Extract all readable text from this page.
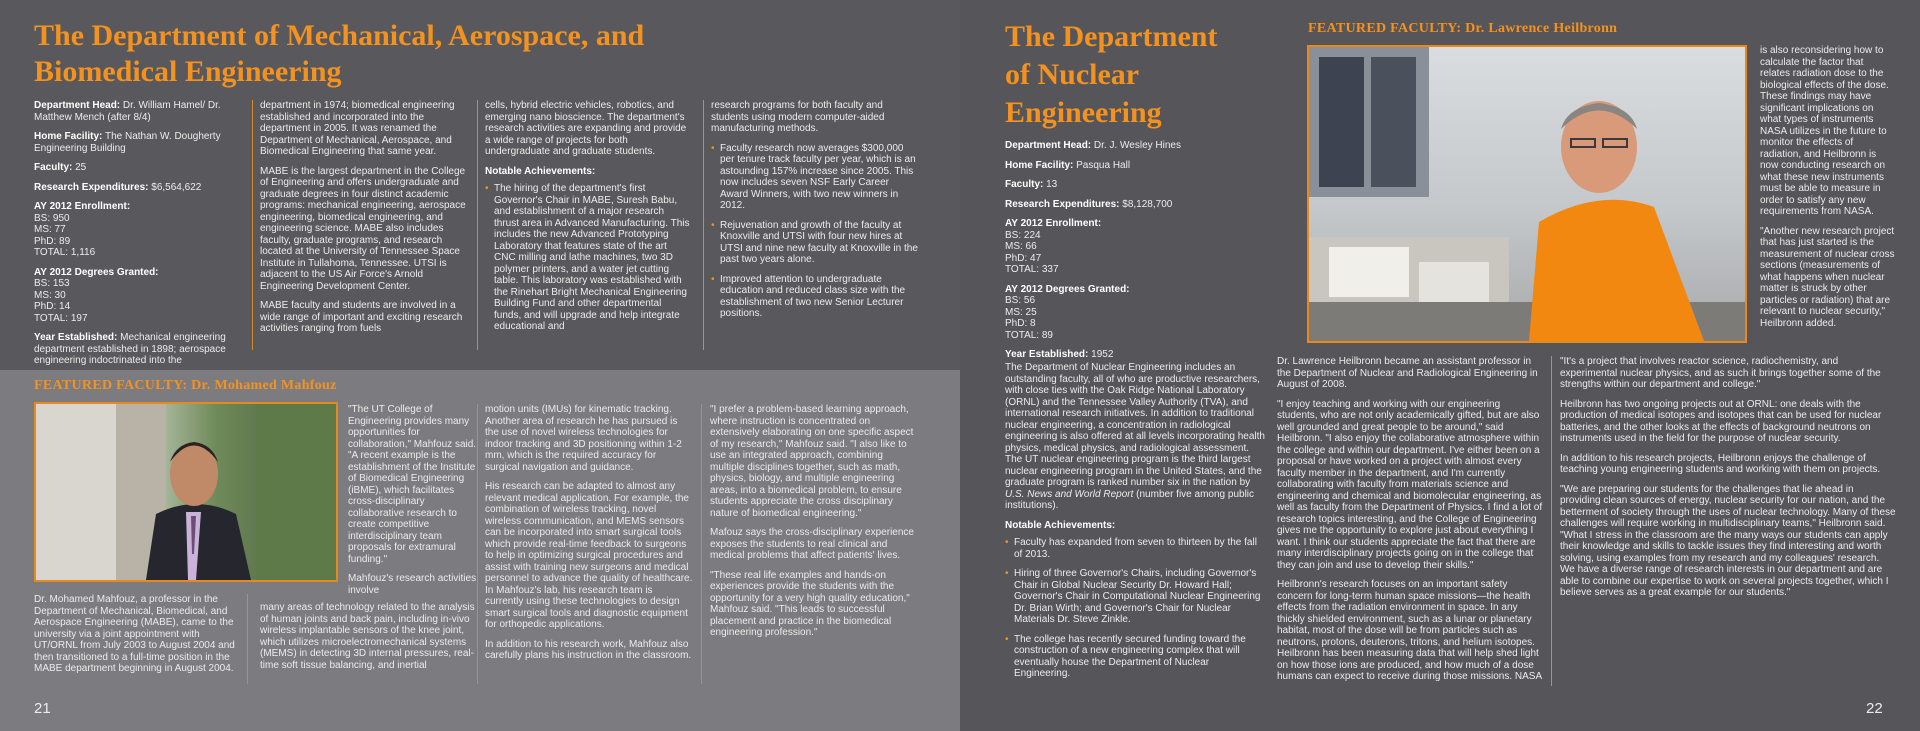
The Department of Mechanical, Aerospace, and
Biomedical Engineering

Department Head: Dr. William Hamel/ Dr. Matthew Mench (after 8/4)

Home Facility: The Nathan W. Dougherty Engineering Building

Faculty: 25

Research Expenditures: $6,564,622

AY 2012 Enrollment:
BS: 950
MS: 77
PhD: 89
TOTAL: 1,116

AY 2012 Degrees Granted:
BS: 153
MS: 30
PhD: 14
TOTAL: 197

Year Established: Mechanical engineering department established in 1898; aerospace engineering indoctrinated into the

department in 1974; biomedical engineering established and incorporated into the department in 2005. It was renamed the Department of Mechanical, Aerospace, and Biomedical Engineering that same year.

MABE is the largest department in the College of Engineering and offers undergraduate and graduate degrees in four distinct academic programs: mechanical engineering, aerospace engineering, biomedical engineering, and engineering science. MABE also includes faculty, graduate programs, and research located at the University of Tennessee Space Institute in Tullahoma, Tennessee. UTSI is adjacent to the US Air Force's Arnold Engineering Development Center.

MABE faculty and students are involved in a wide range of important and exciting research activities ranging from fuels

cells, hybrid electric vehicles, robotics, and emerging nano bioscience. The department's research activities are expanding and provide a wide range of projects for both undergraduate and graduate students.

Notable Achievements:
• The hiring of the department's first Governor's Chair in MABE, Suresh Babu, and establishment of a major research thrust area in Advanced Manufacturing. This includes the new Advanced Prototyping Laboratory that features state of the art CNC milling and lathe machines, two 3D polymer printers, and a water jet cutting table. This laboratory was established with the Rinehart Bright Mechanical Engineering Building Fund and other departmental funds, and will upgrade and help integrate educational and

research programs for both faculty and students using modern computer-aided manufacturing methods.

• Faculty research now averages $300,000 per tenure track faculty per year, which is an astounding 157% increase since 2005. This now includes seven NSF Early Career Award Winners, with two new winners in 2012.
• Rejuvenation and growth of the faculty at Knoxville and UTSI with four new hires at UTSI and nine new faculty at Knoxville in the past two years alone.
• Improved attention to undergraduate education and reduced class size with the establishment of two new Senior Lecturer positions.
FEATURED FACULTY: Dr. Mohamed Mahfouz

Dr. Mohamed Mahfouz, a professor in the Department of Mechanical, Biomedical, and Aerospace Engineering (MABE), came to the university via a joint appointment with UT/ORNL from July 2003 to August 2004 and then transitioned to a full-time position in the MABE department beginning in August 2004.

"The UT College of Engineering provides many opportunities for collaboration," Mahfouz said. "A recent example is the establishment of the Institute of Biomedical Engineering (iBME), which facilitates cross-disciplinary collaborative research to create competitive interdisciplinary team proposals for extramural funding."

Mahfouz's research activities involve

many areas of technology related to the analysis of human joints and back pain, including in-vivo wireless implantable sensors of the knee joint, which utilizes microelectromechanical systems (MEMS) in detecting 3D internal pressures, real-time soft tissue balancing, and inertial

motion units (IMUs) for kinematic tracking. Another area of research he has pursued is the use of novel wireless technologies for indoor tracking and 3D positioning within 1-2 mm, which is the required accuracy for surgical navigation and guidance.

His research can be adapted to almost any relevant medical application. For example, the combination of wireless tracking, novel wireless communication, and MEMS sensors can be incorporated into smart surgical tools which provide real-time feedback to surgeons to help in optimizing surgical procedures and assist with training new surgeons and medical personnel to advance the quality of healthcare. In Mahfouz's lab, his research team is currently using these technologies to design smart surgical tools and diagnostic equipment for orthopedic applications.

In addition to his research work, Mahfouz also carefully plans his instruction in the classroom.

"I prefer a problem-based learning approach, where instruction is concentrated on extensively elaborating on one specific aspect of my research," Mahfouz said. "I also like to use an integrated approach, combining multiple disciplines together, such as math, physics, biology, and multiple engineering areas, into a biomedical problem, to ensure students appreciate the cross disciplinary nature of biomedical engineering."

Mafouz says the cross-disciplinary experience exposes the students to real clinical and medical problems that affect patients' lives.

"These real life examples and hands-on experiences provide the students with the opportunity for a very high quality education," Mahfouz said. "This leads to successful placement and practice in the biomedical engineering profession."

21
The Department
of Nuclear
Engineering

Department Head: Dr. J. Wesley Hines

Home Facility: Pasqua Hall

Faculty: 13

Research Expenditures: $8,128,700

AY 2012 Enrollment:
BS: 224
MS: 66
PhD: 47
TOTAL: 337

AY 2012 Degrees Granted:
BS: 56
MS: 25
PhD: 8
TOTAL: 89

Year Established: 1952

The Department of Nuclear Engineering includes an outstanding faculty, all of who are productive researchers, with close ties with the Oak Ridge National Laboratory (ORNL) and the Tennessee Valley Authority (TVA), and international research initiatives. In addition to traditional nuclear engineering, a concentration in radiological engineering is also offered at all levels incorporating health physics, medical physics, and radiological assessment. The UT nuclear engineering program is the third largest nuclear engineering program in the United States, and the graduate program is ranked number six in the nation by U.S. News and World Report (number five among public institutions).

Notable Achievements:
• Faculty has expanded from seven to thirteen by the fall of 2013.
• Hiring of three Governor's Chairs, including Governor's Chair in Global Nuclear Security Dr. Howard Hall; Governor's Chair in Computational Nuclear Engineering Dr. Brian Wirth; and Governor's Chair for Nuclear Materials Dr. Steve Zinkle.
• The college has recently secured funding toward the construction of a new engineering complex that will eventually house the Department of Nuclear Engineering.
FEATURED FACULTY: Dr. Lawrence Heilbronn

is also reconsidering how to calculate the factor that relates radiation dose to the biological effects of the dose. These findings may have significant implications on what types of instruments NASA utilizes in the future to monitor the effects of radiation, and Heilbronn is now conducting research on what these new instruments must be able to measure in order to satisfy any new requirements from NASA.

"Another new research project that has just started is the measurement of nuclear cross sections (measurements of what happens when nuclear matter is struck by other particles or radiation) that are relevant to nuclear security," Heilbronn added.

Dr. Lawrence Heilbronn became an assistant professor in the Department of Nuclear and Radiological Engineering in August of 2008.

"I enjoy teaching and working with our engineering students, who are not only academically gifted, but are also well grounded and great people to be around," said Heilbronn. "I also enjoy the collaborative atmosphere within the college and within our department. I've either been on a proposal or have worked on a project with almost every faculty member in the department, and I'm currently collaborating with faculty from materials science and engineering and chemical and biomolecular engineering, as well as faculty from the Department of Physics. I find a lot of research topics interesting, and the College of Engineering gives me the opportunity to explore just about everything I want. I think our students appreciate the fact that there are many interdisciplinary projects going on in the college that they can join and use to develop their skills."

Heilbronn's research focuses on an important safety concern for long-term human space missions—the health effects from the radiation environment in space. In any thickly shielded environment, such as a lunar or planetary habitat, most of the dose will be from particles such as neutrons, protons, deuterons, tritons, and helium isotopes. Heilbronn has been measuring data that will help shed light on how those ions are produced, and how much of a dose humans can expect to receive during those missions. NASA

"It's a project that involves reactor science, radiochemistry, and experimental nuclear physics, and as such it brings together some of the strengths within our department and college."

Heilbronn has two ongoing projects out at ORNL: one deals with the production of medical isotopes and isotopes that can be used for nuclear batteries, and the other looks at the effects of background neutrons on instruments used in the field for the purpose of nuclear security.

In addition to his research projects, Heilbronn enjoys the challenge of teaching young engineering students and working with them on projects.

"We are preparing our students for the challenges that lie ahead in providing clean sources of energy, nuclear security for our nation, and the betterment of society through the uses of nuclear technology. Many of these challenges will require working in multidisciplinary teams," Heilbronn said. "What I stress in the classroom are the many ways our students can apply their knowledge and skills to tackle issues they find interesting and worth solving, using examples from my research and my colleagues' research. We have a diverse range of research interests in our department and are able to combine our expertise to work on several projects together, which I believe serves as a great example for our students."

22
